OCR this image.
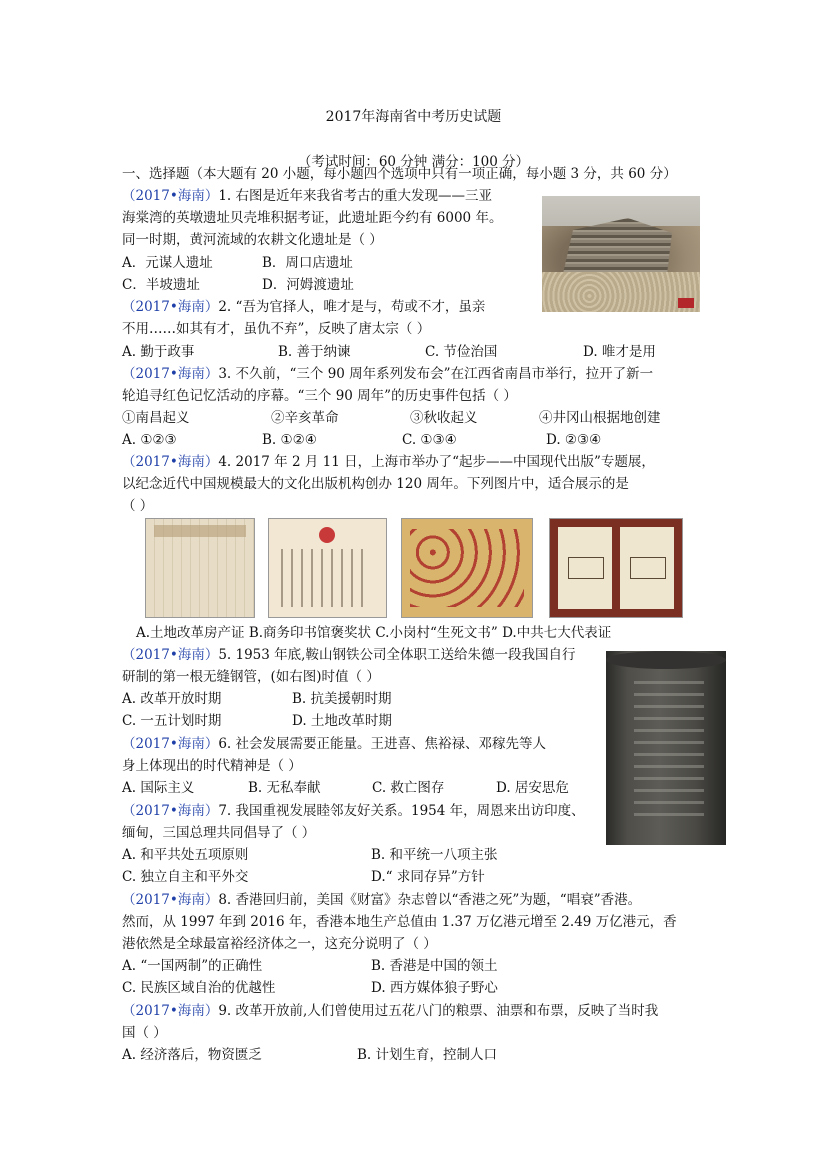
2017年海南省中考历史试题
（考试时间：60 分钟 满分：100 分）
一、选择题（本大题有 20 小题，每小题四个选项中只有一项正确，每小题 3 分，共 60 分）
（2017•海南）1. 右图是近年来我省考古的重大发现——三亚
海棠湾的英墩遗址贝壳堆积据考证，此遗址距今约有 6000 年。
同一时期，黄河流域的农耕文化遗址是（ ）
A．元谋人遗址	B．周口店遗址
C．半坡遗址	D．河姆渡遗址
（2017•海南）2. “吾为官择人，唯才是与，苟或不才，虽亲
不用……如其有才，虽仇不弃”，反映了唐太宗（ ）
A. 勤于政事	B. 善于纳谏	C. 节俭治国	D. 唯才是用
（2017•海南）3. 不久前，“三个 90 周年系列发布会”在江西省南昌市举行，拉开了新一
轮追寻红色记忆活动的序幕。“三个 90 周年”的历史事件包括（ ）
①南昌起义	②辛亥革命	③秋收起义	④井冈山根据地创建
A. ①②③	B. ①②④	C. ①③④	D. ②③④
（2017•海南）4. 2017 年 2 月 11 日，上海市举办了“起步——中国现代出版”专题展，
以纪念近代中国规模最大的文化出版机构创办 120 周年。下列图片中，适合展示的是
（ ）
A.土地改革房产证 B.商务印书馆褒奖状 C.小岗村“生死文书” D.中共七大代表证
（2017•海南）5. 1953 年底,鞍山钢铁公司全体职工送给朱德一段我国自行
研制的第一根无缝钢管，(如右图)时值（ ）
A. 改革开放时期	B. 抗美援朝时期
C. 一五计划时期	D. 土地改革时期
（2017•海南）6. 社会发展需要正能量。王进喜、焦裕禄、邓稼先等人
身上体现出的时代精神是（ ）
A. 国际主义	B. 无私奉献	C. 救亡图存	D. 居安思危
（2017•海南）7. 我国重视发展睦邻友好关系。1954 年，周恩来出访印度、
缅甸，三国总理共同倡导了（ ）
A. 和平共处五项原则	B. 和平统一八项主张
C. 独立自主和平外交	D.“ 求同存异”方针
（2017•海南）8. 香港回归前，美国《财富》杂志曾以“香港之死”为题，“唱衰”香港。
然而，从 1997 年到 2016 年，香港本地生产总值由 1.37 万亿港元增至 2.49 万亿港元，香
港依然是全球最富裕经济体之一，这充分说明了（ ）
A. “一国两制”的正确性	B. 香港是中国的领土
C. 民族区域自治的优越性	D. 西方媒体狼子野心
（2017•海南）9. 改革开放前,人们曾使用过五花八门的粮票、油票和布票，反映了当时我
国（ ）
A. 经济落后，物资匮乏	B. 计划生育，控制人口
